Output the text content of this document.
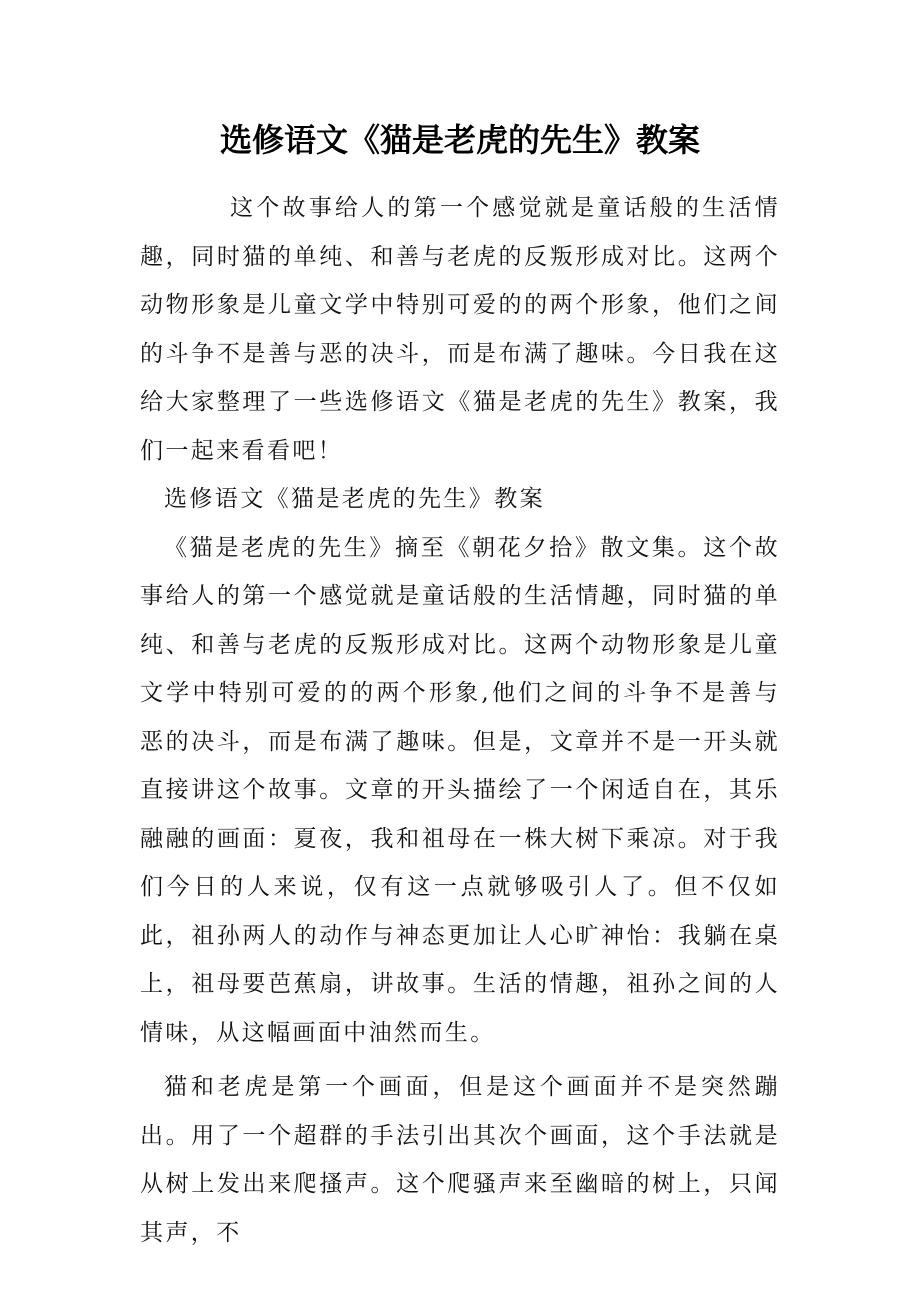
选修语文《猫是老虎的先生》教案

这个故事给人的第一个感觉就是童话般的生活情趣，同时猫的单纯、和善与老虎的反叛形成对比。这两个动物形象是儿童文学中特别可爱的的两个形象，他们之间的斗争不是善与恶的决斗，而是布满了趣味。今日我在这给大家整理了一些选修语文《猫是老虎的先生》教案，我们一起来看看吧！

选修语文《猫是老虎的先生》教案

《猫是老虎的先生》摘至《朝花夕拾》散文集。这个故事给人的第一个感觉就是童话般的生活情趣，同时猫的单纯、和善与老虎的反叛形成对比。这两个动物形象是儿童文学中特别可爱的的两个形象,他们之间的斗争不是善与恶的决斗，而是布满了趣味。但是，文章并不是一开头就直接讲这个故事。文章的开头描绘了一个闲适自在，其乐融融的画面：夏夜，我和祖母在一株大树下乘凉。对于我们今日的人来说，仅有这一点就够吸引人了。但不仅如此，祖孙两人的动作与神态更加让人心旷神怡：我躺在桌上，祖母要芭蕉扇，讲故事。生活的情趣，祖孙之间的人情味，从这幅画面中油然而生。

猫和老虎是第一个画面，但是这个画面并不是突然蹦出。用了一个超群的手法引出其次个画面，这个手法就是从树上发出来爬搔声。这个爬骚声来至幽暗的树上，只闻其声，不
